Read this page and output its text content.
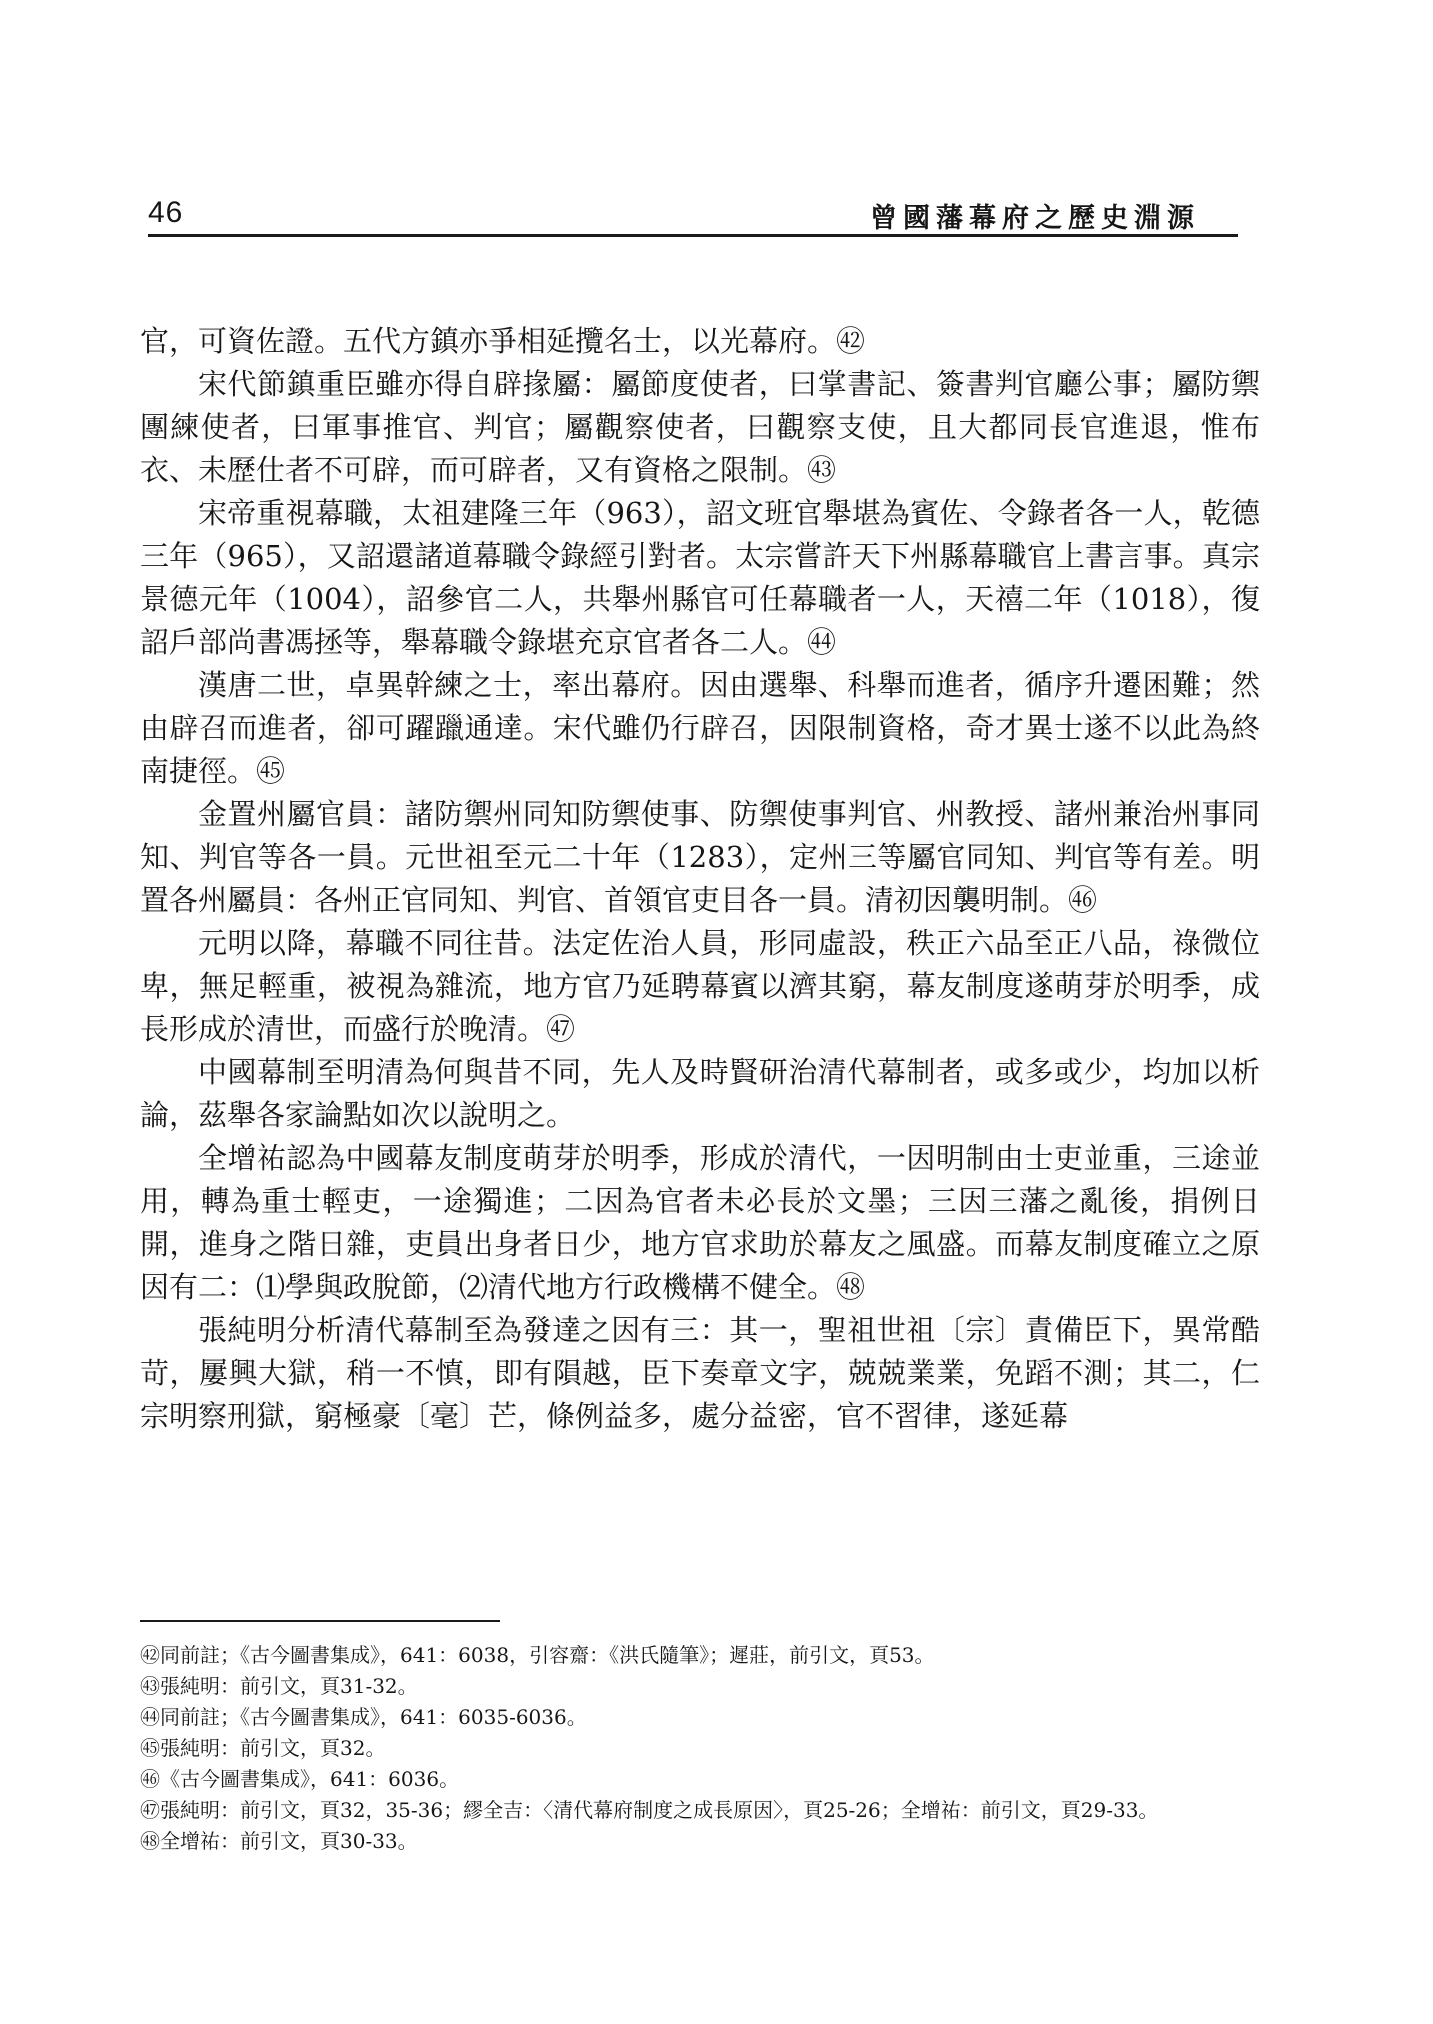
46	曾國藩幕府之歷史淵源

官，可資佐證。五代方鎮亦爭相延攬名士，以光幕府。㊷

宋代節鎮重臣雖亦得自辟掾屬：屬節度使者，曰掌書記、簽書判官廳公事；屬防禦團練使者，曰軍事推官、判官；屬觀察使者，曰觀察支使，且大都同長官進退，惟布衣、未歷仕者不可辟，而可辟者，又有資格之限制。㊸

宋帝重視幕職，太祖建隆三年（963），詔文班官舉堪為賓佐、令錄者各一人，乾德三年（965），又詔還諸道幕職令錄經引對者。太宗嘗許天下州縣幕職官上書言事。真宗景德元年（1004），詔參官二人，共舉州縣官可任幕職者一人，天禧二年（1018），復詔戶部尚書馮拯等，舉幕職令錄堪充京官者各二人。㊹

漢唐二世，卓異幹練之士，率出幕府。因由選舉、科舉而進者，循序升遷困難；然由辟召而進者，卻可躍躐通達。宋代雖仍行辟召，因限制資格，奇才異士遂不以此為終南捷徑。㊺

金置州屬官員：諸防禦州同知防禦使事、防禦使事判官、州教授、諸州兼治州事同知、判官等各一員。元世祖至元二十年（1283），定州三等屬官同知、判官等有差。明置各州屬員：各州正官同知、判官、首領官吏目各一員。清初因襲明制。㊻

元明以降，幕職不同往昔。法定佐治人員，形同虛設，秩正六品至正八品，祿微位卑，無足輕重，被視為雜流，地方官乃延聘幕賓以濟其窮，幕友制度遂萌芽於明季，成長形成於清世，而盛行於晚清。㊼

中國幕制至明清為何與昔不同，先人及時賢研治清代幕制者，或多或少，均加以析論，茲舉各家論點如次以說明之。

全增祐認為中國幕友制度萌芽於明季，形成於清代，一因明制由士吏並重，三途並用，轉為重士輕吏，一途獨進；二因為官者未必長於文墨；三因三藩之亂後，捐例日開，進身之階日雜，吏員出身者日少，地方官求助於幕友之風盛。而幕友制度確立之原因有二：⑴學與政脫節，⑵清代地方行政機構不健全。㊽

張純明分析清代幕制至為發達之因有三：其一，聖祖世祖〔宗〕責備臣下，異常酷苛，屢興大獄，稍一不慎，即有隕越，臣下奏章文字，兢兢業業，免蹈不測；其二，仁宗明察刑獄，窮極豪〔毫〕芒，條例益多，處分益密，官不習律，遂延幕

㊷同前註；《古今圖書集成》，641：6038，引容齋：《洪氏隨筆》；遲莊，前引文，頁53。

㊸張純明：前引文，頁31-32。

㊹同前註；《古今圖書集成》，641：6035-6036。

㊺張純明：前引文，頁32。

㊻《古今圖書集成》，641：6036。

㊼張純明：前引文，頁32，35-36；繆全吉：〈清代幕府制度之成長原因〉，頁25-26；全增祐：前引文，頁29-33。

㊽全增祐：前引文，頁30-33。
